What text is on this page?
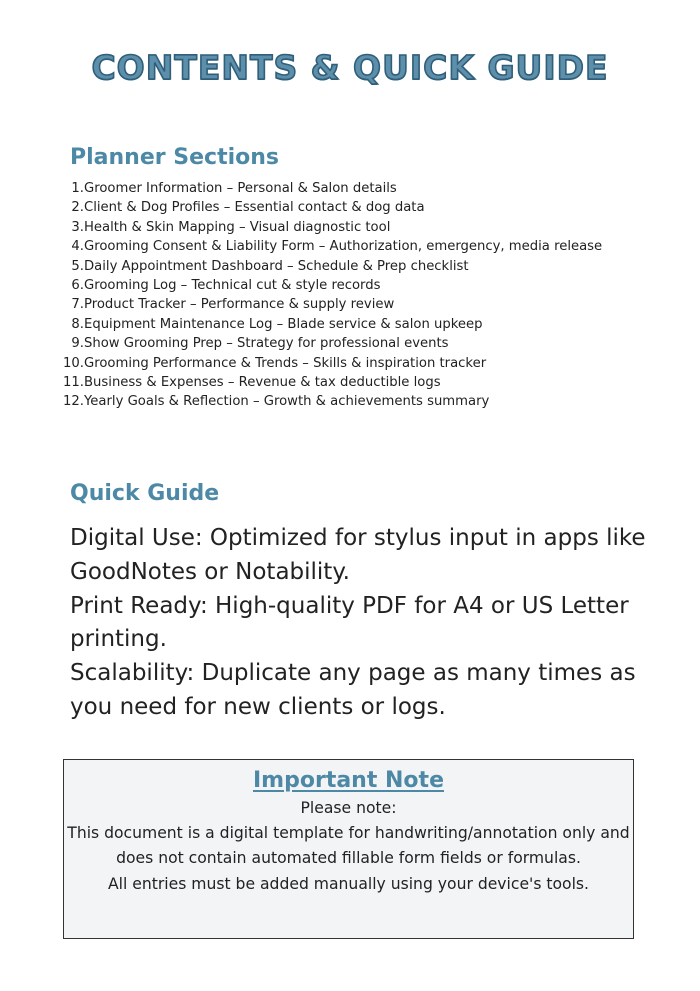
CONTENTS & QUICK GUIDE
Planner Sections
1. Groomer Information – Personal & Salon details
2. Client & Dog Profiles – Essential contact & dog data
3. Health & Skin Mapping – Visual diagnostic tool
4. Grooming Consent & Liability Form – Authorization, emergency, media release
5. Daily Appointment Dashboard – Schedule & Prep checklist
6. Grooming Log – Technical cut & style records
7. Product Tracker – Performance & supply review
8. Equipment Maintenance Log – Blade service & salon upkeep
9. Show Grooming Prep – Strategy for professional events
10. Grooming Performance & Trends – Skills & inspiration tracker
11. Business & Expenses – Revenue & tax deductible logs
12. Yearly Goals & Reflection – Growth & achievements summary
Quick Guide

Digital Use: Optimized for stylus input in apps like GoodNotes or Notability.

Print Ready: High-quality PDF for A4 or US Letter printing.

Scalability: Duplicate any page as many times as you need for new clients or logs.

Important Note

Please note:

This document is a digital template for handwriting/annotation only and does not contain automated fillable form fields or formulas.

All entries must be added manually using your device's tools.
